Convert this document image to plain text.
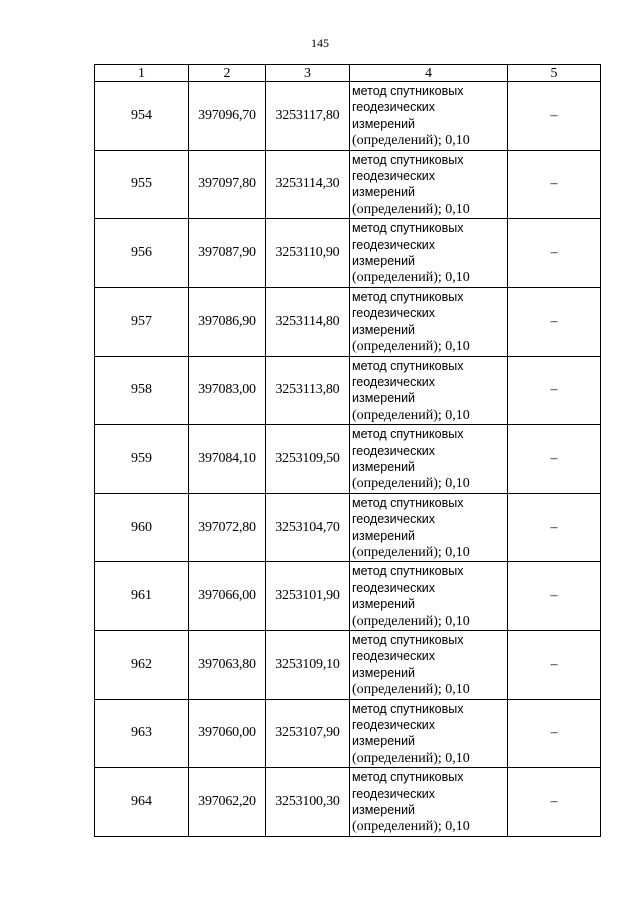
145
1	2	3	4	5
954	397096,70	3253117,80	метод спутниковых
геодезических
измерений
(определений); 0,10	–
955	397097,80	3253114,30	метод спутниковых
геодезических
измерений
(определений); 0,10	–
956	397087,90	3253110,90	метод спутниковых
геодезических
измерений
(определений); 0,10	–
957	397086,90	3253114,80	метод спутниковых
геодезических
измерений
(определений); 0,10	–
958	397083,00	3253113,80	метод спутниковых
геодезических
измерений
(определений); 0,10	–
959	397084,10	3253109,50	метод спутниковых
геодезических
измерений
(определений); 0,10	–
960	397072,80	3253104,70	метод спутниковых
геодезических
измерений
(определений); 0,10	–
961	397066,00	3253101,90	метод спутниковых
геодезических
измерений
(определений); 0,10	–
962	397063,80	3253109,10	метод спутниковых
геодезических
измерений
(определений); 0,10	–
963	397060,00	3253107,90	метод спутниковых
геодезических
измерений
(определений); 0,10	–
964	397062,20	3253100,30	метод спутниковых
геодезических
измерений
(определений); 0,10	–
